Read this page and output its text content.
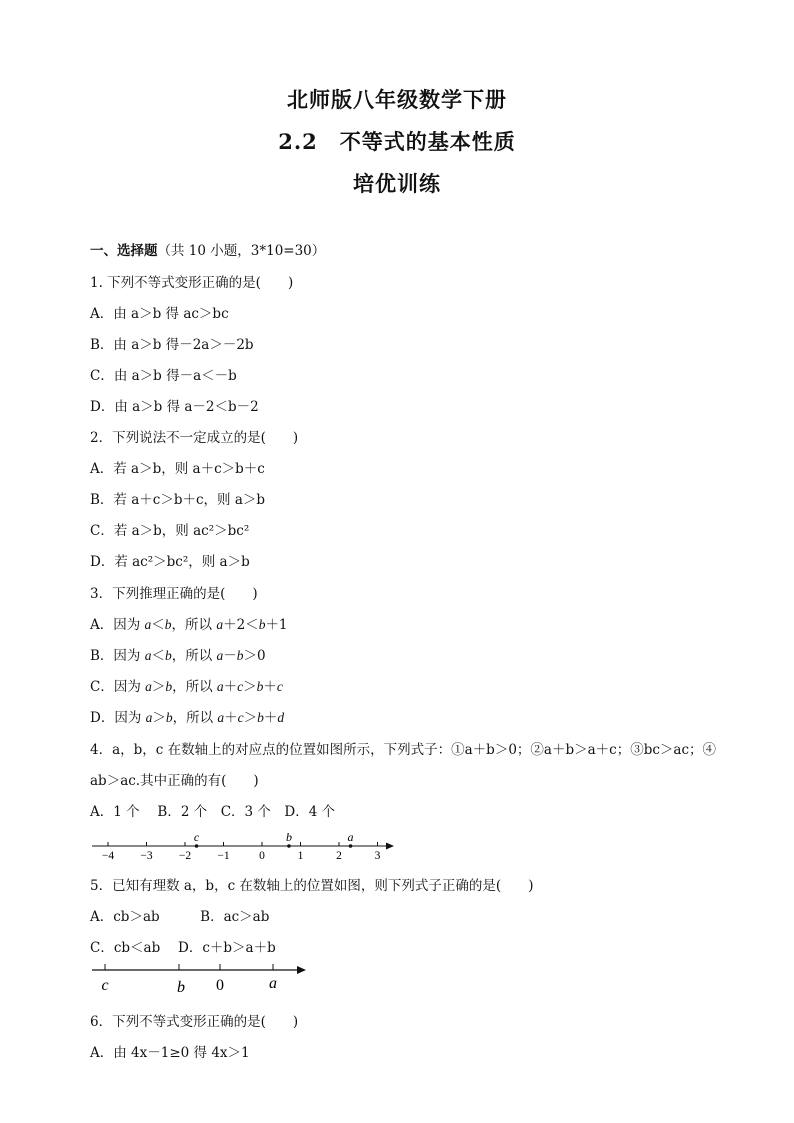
北师版八年级数学下册
2.2　不等式的基本性质
培优训练
一、选择题（共 10 小题，3*10=30）
1. 下列不等式变形正确的是(　　)
A．由 a＞b 得 ac＞bc
B．由 a＞b 得－2a＞－2b
C．由 a＞b 得－a＜－b
D．由 a＞b 得 a－2＜b－2
2．下列说法不一定成立的是(　　)
A．若 a＞b，则 a＋c＞b＋c
B．若 a＋c＞b＋c，则 a＞b
C．若 a＞b，则 ac²＞bc²
D．若 ac²＞bc²，则 a＞b
3．下列推理正确的是(　　)
A．因为 a＜b，所以 a＋2＜b＋1
B．因为 a＜b，所以 a－b＞0
C．因为 a＞b，所以 a＋c＞b＋c
D．因为 a＞b，所以 a＋c＞b＋d
4．a，b，c 在数轴上的对应点的位置如图所示，下列式子：①a＋b＞0；②a＋b＞a＋c；③bc＞ac；④
ab＞ac.其中正确的有(　　)
A．1 个　 B．2 个　C．3 个　D．4 个
−4 −3 −2 −1	0	1	2	3
c	b	a
5．已知有理数 a，b，c 在数轴上的位置如图，则下列式子正确的是(　　)
A．cb＞ab　　　B．ac＞ab
C．cb＜ab　 D．c＋b＞a＋b
c	b 0	a
6．下列不等式变形正确的是(　　)
A．由 4x－1≥0 得 4x＞1
